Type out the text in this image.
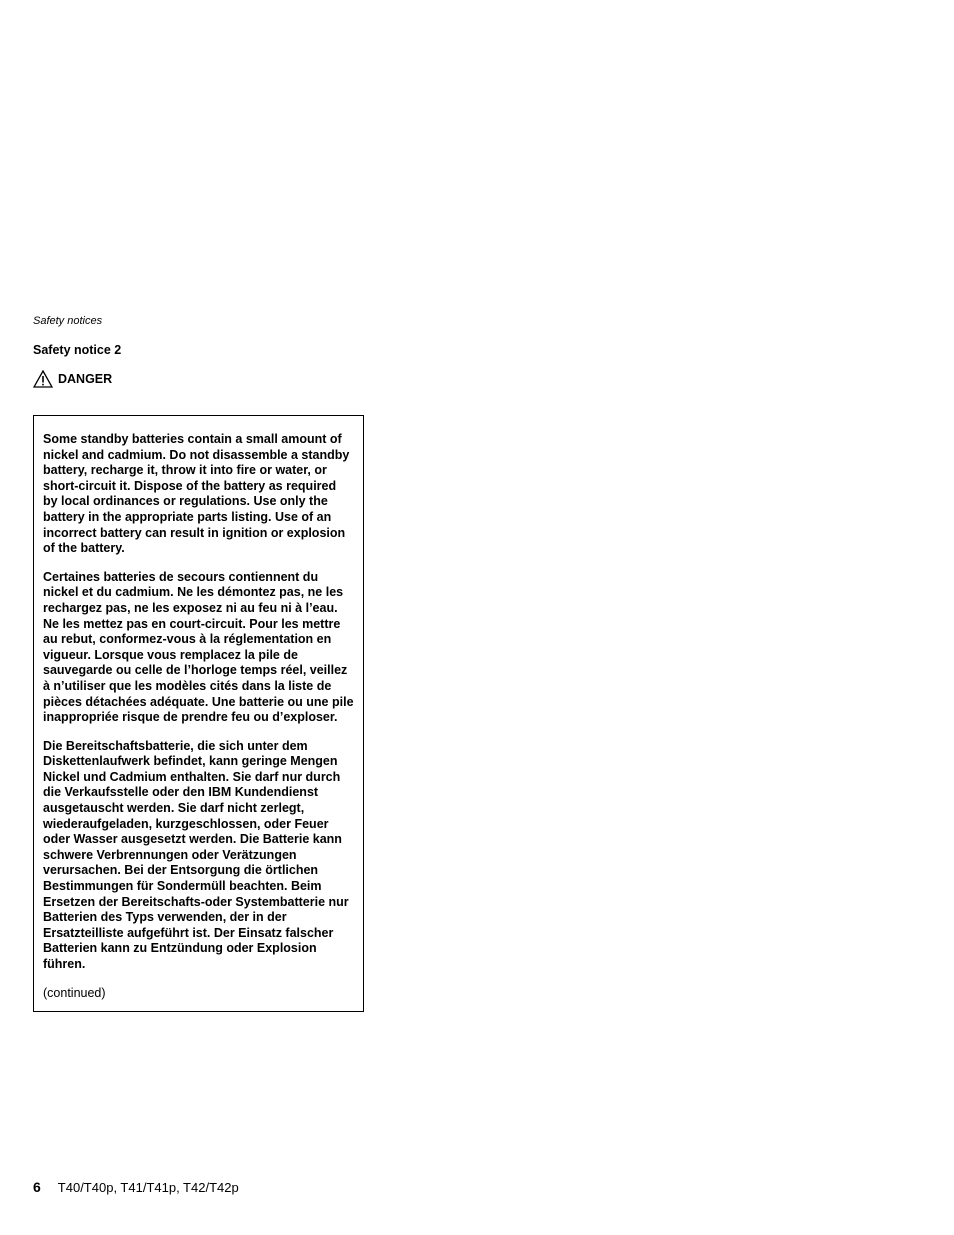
Safety notices
Safety notice 2
DANGER

Some standby batteries contain a small amount of nickel and cadmium. Do not disassemble a standby battery, recharge it, throw it into fire or water, or short-circuit it. Dispose of the battery as required by local ordinances or regulations. Use only the battery in the appropriate parts listing. Use of an incorrect battery can result in ignition or explosion of the battery.

Certaines batteries de secours contiennent du nickel et du cadmium. Ne les démontez pas, ne les rechargez pas, ne les exposez ni au feu ni à l’eau. Ne les mettez pas en court-circuit. Pour les mettre au rebut, conformez-vous à la réglementation en vigueur. Lorsque vous remplacez la pile de sauvegarde ou celle de l’horloge temps réel, veillez à n’utiliser que les modèles cités dans la liste de pièces détachées adéquate. Une batterie ou une pile inappropriée risque de prendre feu ou d’exploser.

Die Bereitschaftsbatterie, die sich unter dem Diskettenlaufwerk befindet, kann geringe Mengen Nickel und Cadmium enthalten. Sie darf nur durch die Verkaufsstelle oder den IBM Kundendienst ausgetauscht werden. Sie darf nicht zerlegt, wiederaufgeladen, kurzgeschlossen, oder Feuer oder Wasser ausgesetzt werden. Die Batterie kann schwere Verbrennungen oder Verätzungen verursachen. Bei der Entsorgung die örtlichen Bestimmungen für Sondermüll beachten. Beim Ersetzen der Bereitschafts-oder Systembatterie nur Batterien des Typs verwenden, der in der Ersatzteilliste aufgeführt ist. Der Einsatz falscher Batterien kann zu Entzündung oder Explosion führen.

(continued)

6 T40/T40p, T41/T41p, T42/T42p
